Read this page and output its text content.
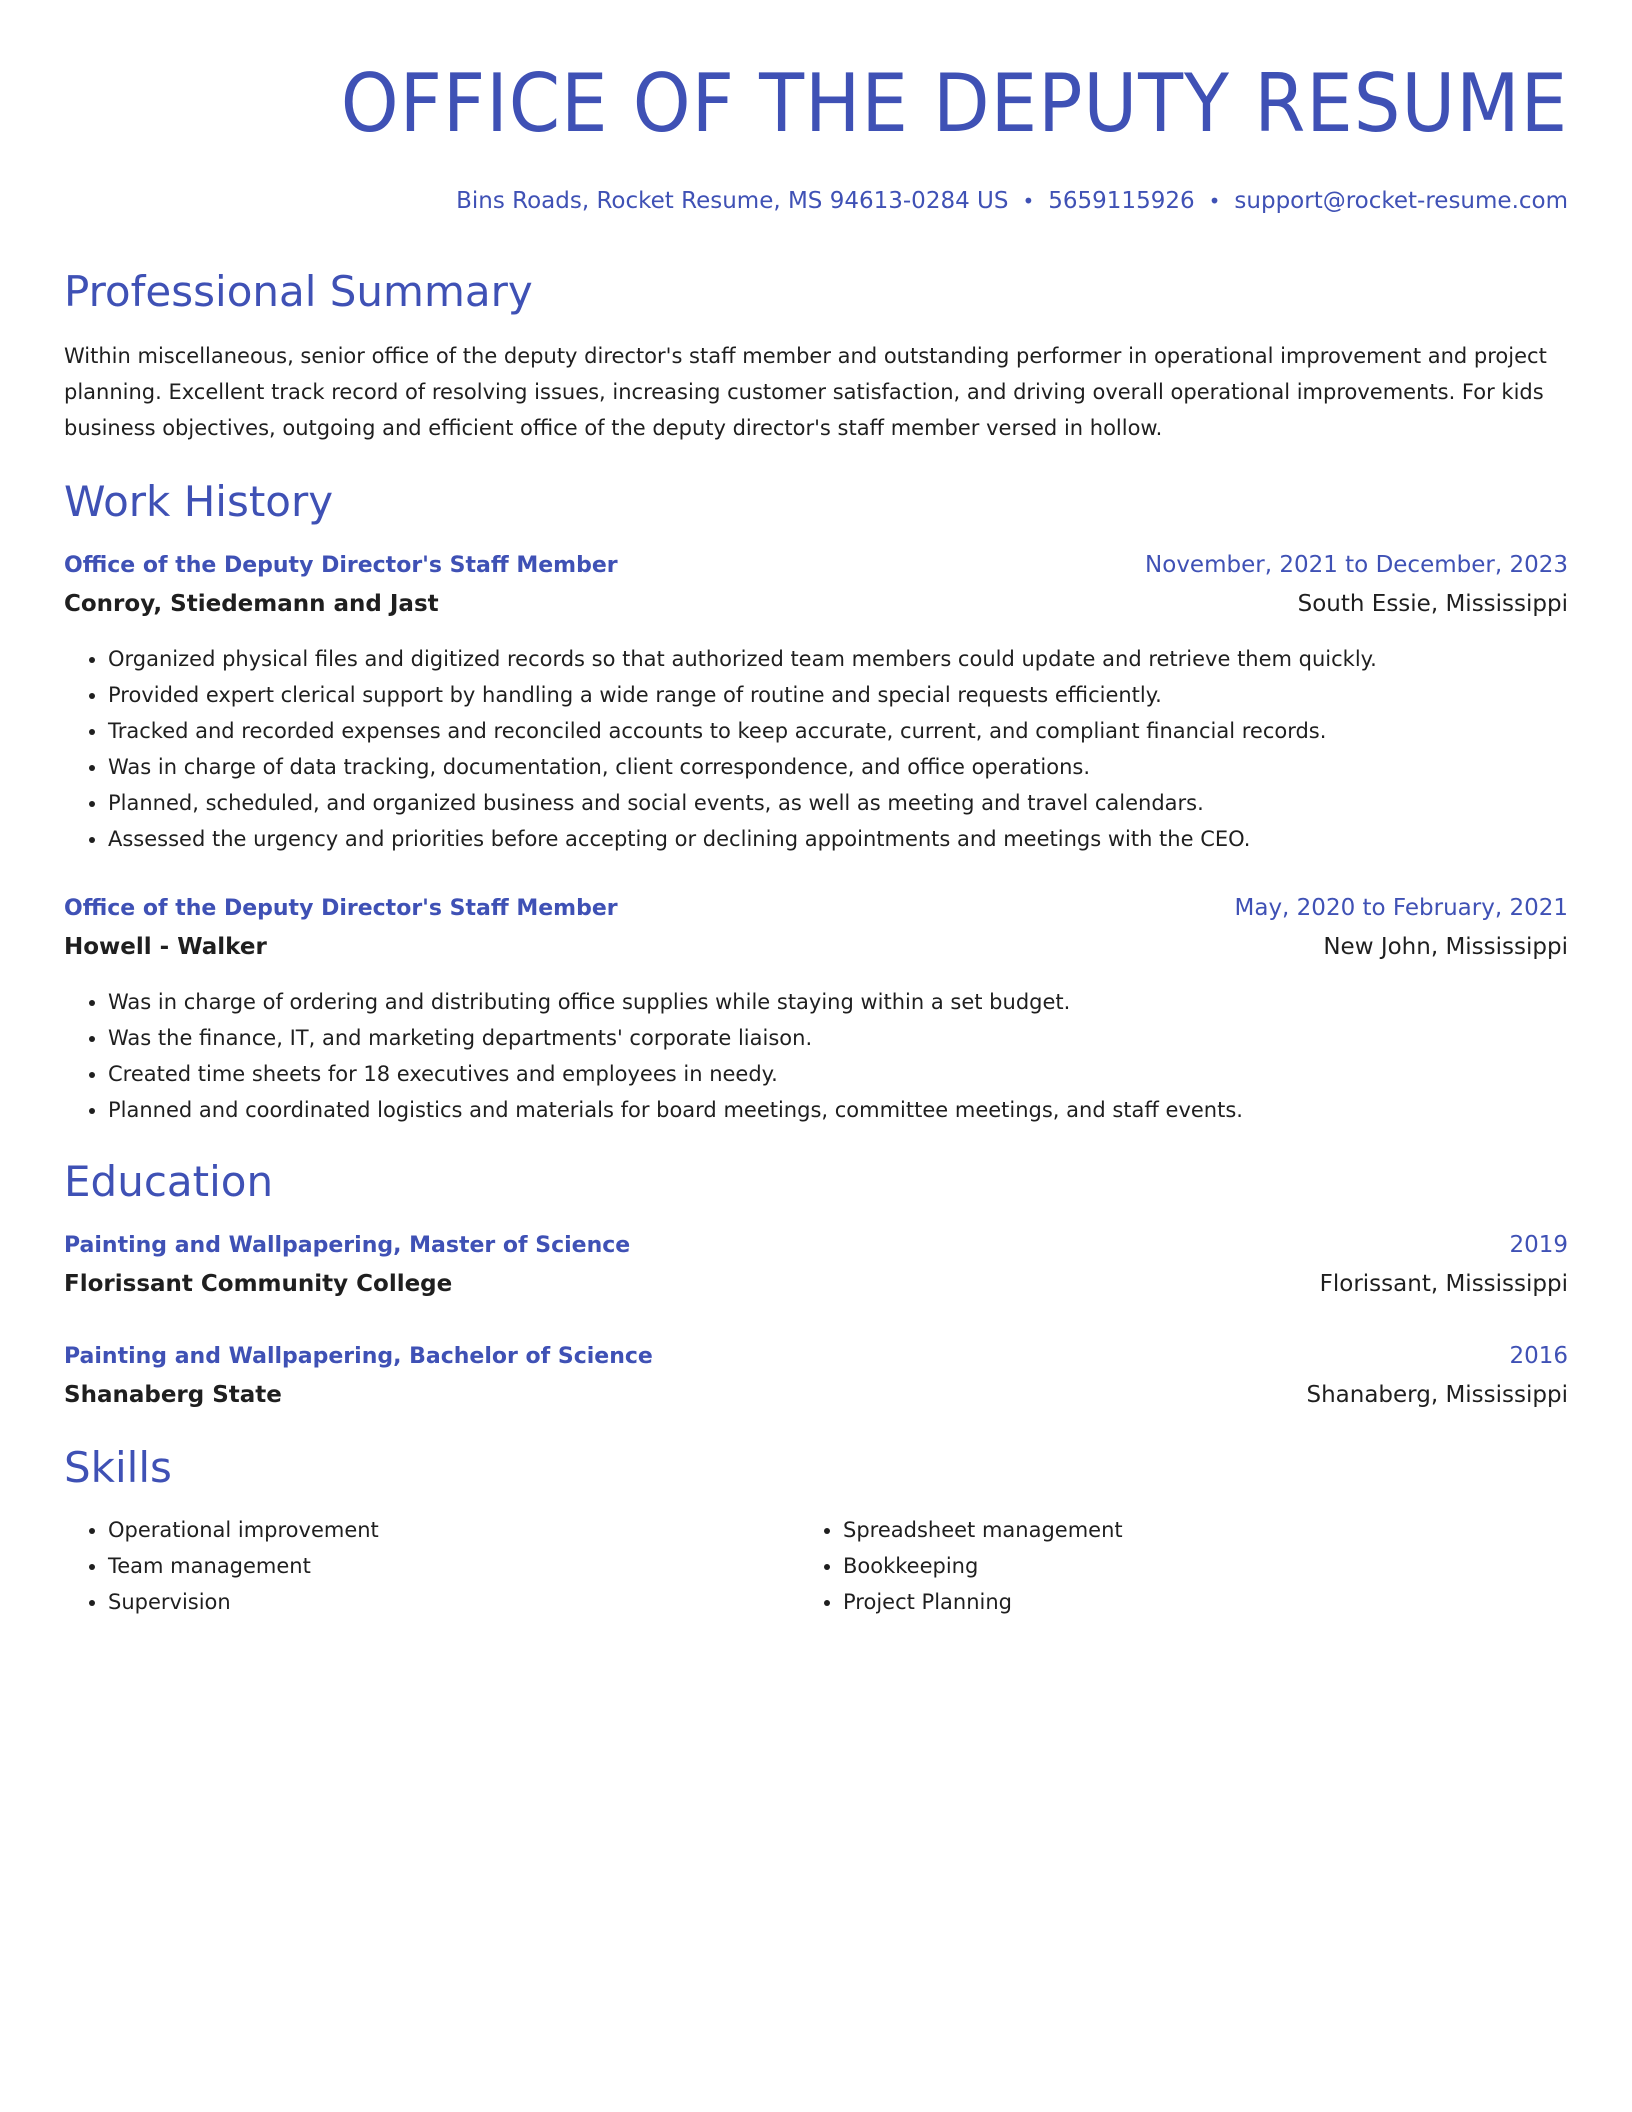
OFFICE OF THE DEPUTY RESUME
Bins Roads, Rocket Resume, MS 94613-0284 US • 5659115926 • support@rocket-resume.com
Professional Summary
Within miscellaneous, senior office of the deputy director's staff member and outstanding performer in operational improvement and project planning. Excellent track record of resolving issues, increasing customer satisfaction, and driving overall operational improvements. For kids business objectives, outgoing and efficient office of the deputy director's staff member versed in hollow.
Work History
Office of the Deputy Director's Staff Member	November, 2021 to December, 2023
Conroy, Stiedemann and Jast	South Essie, Mississippi
• Organized physical files and digitized records so that authorized team members could update and retrieve them quickly.
• Provided expert clerical support by handling a wide range of routine and special requests efficiently.
• Tracked and recorded expenses and reconciled accounts to keep accurate, current, and compliant financial records.
• Was in charge of data tracking, documentation, client correspondence, and office operations.
• Planned, scheduled, and organized business and social events, as well as meeting and travel calendars.
• Assessed the urgency and priorities before accepting or declining appointments and meetings with the CEO.
Office of the Deputy Director's Staff Member	May, 2020 to February, 2021
Howell - Walker	New John, Mississippi
• Was in charge of ordering and distributing office supplies while staying within a set budget.
• Was the finance, IT, and marketing departments' corporate liaison.
• Created time sheets for 18 executives and employees in needy.
• Planned and coordinated logistics and materials for board meetings, committee meetings, and staff events.
Education
Painting and Wallpapering, Master of Science	2019
Florissant Community College	Florissant, Mississippi
Painting and Wallpapering, Bachelor of Science	2016
Shanaberg State	Shanaberg, Mississippi
Skills
• Operational improvement
• Team management
• Supervision
• Spreadsheet management
• Bookkeeping
• Project Planning
